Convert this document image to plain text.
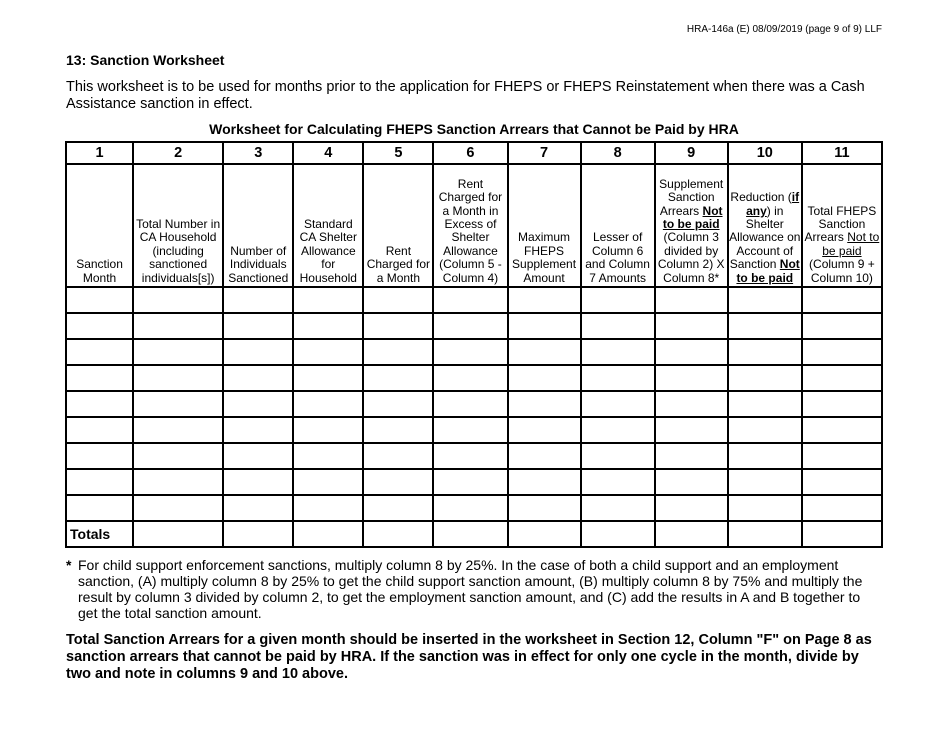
HRA-146a (E) 08/09/2019 (page 9 of 9) LLF
13: Sanction Worksheet
This worksheet is to be used for months prior to the application for FHEPS or FHEPS Reinstatement when there was a Cash Assistance sanction in effect.
Worksheet for Calculating FHEPS Sanction Arrears that Cannot be Paid by HRA
1	2	3	4	5	6	7	8	9	10	11
Sanction Month	Total Number in CA Household (including sanctioned individuals[s])	Number of Individuals Sanctioned	Standard CA Shelter Allowance for Household	Rent Charged for a Month	Rent Charged for a Month in Excess of Shelter Allowance (Column 5 - Column 4)	Maximum FHEPS Supplement Amount	Lesser of Column 6 and Column 7 Amounts	Supplement Sanction Arrears Not to be paid (Column 3 divided by Column 2) X Column 8*	Reduction (if any) in Shelter Allowance on Account of Sanction Not to be paid	Total FHEPS Sanction Arrears Not to be paid (Column 9 + Column 10)

Totals										
* For child support enforcement sanctions, multiply column 8 by 25%. In the case of both a child support and an employment sanction, (A) multiply column 8 by 25% to get the child support sanction amount, (B) multiply column 8 by 75% and multiply the result by column 3 divided by column 2, to get the employment sanction amount, and (C) add the results in A and B together to get the total sanction amount.
Total Sanction Arrears for a given month should be inserted in the worksheet in Section 12, Column "F" on Page 8 as sanction arrears that cannot be paid by HRA. If the sanction was in effect for only one cycle in the month, divide by two and note in columns 9 and 10 above.
